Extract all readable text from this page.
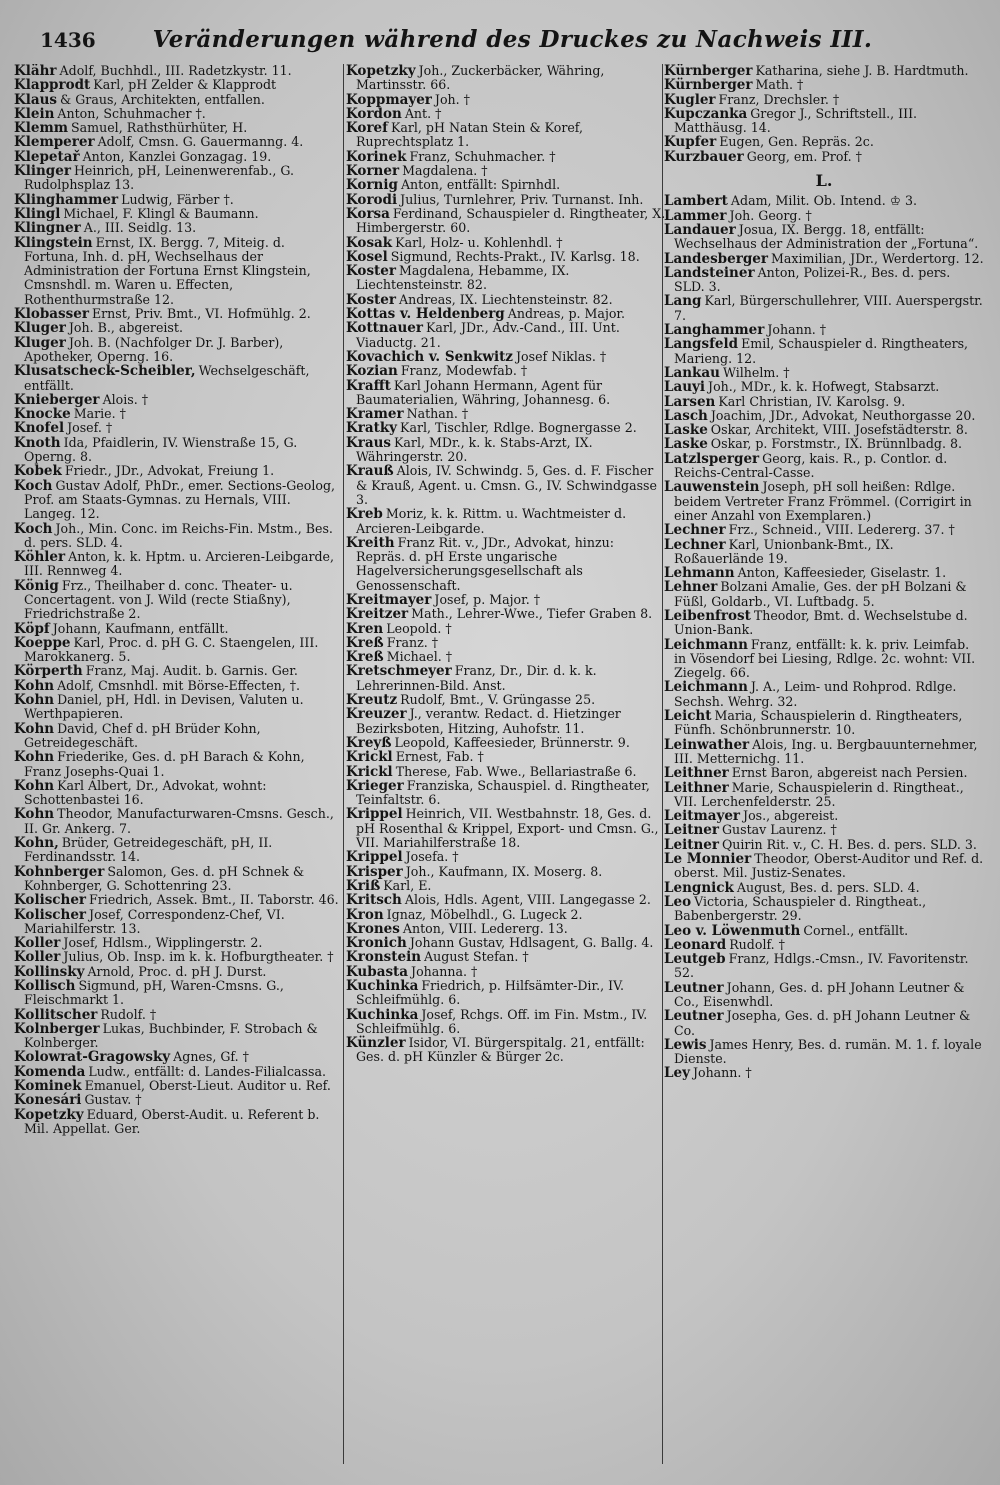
1436	Veränderungen während des Druckes zu Nachweis III.

Klähr Adolf, Buchhdl., III. Radetzkystr. 11.

Klapprodt Karl, pH Zelder & Klapprodt

Klaus & Graus, Architekten, entfallen.

Klein Anton, Schuhmacher †.

Klemm Samuel, Rathsthürhüter, H.

Klemperer Adolf, Cmsn. G. Gauermanng. 4.

Klepetař Anton, Kanzlei Gonzagag. 19.

Klinger Heinrich, pH, Leinenwerenfab., G. Rudolphsplaz 13.

Klinghammer Ludwig, Färber †.

Klingl Michael, F. Klingl & Baumann.

Klingner A., III. Seidlg. 13.

Klingstein Ernst, IX. Bergg. 7, Miteig. d. Fortuna, Inh. d. pH, Wechselhaus der Administration der Fortuna Ernst Klingstein, Cmsnshdl. m. Waren u. Effecten, Rothenthurmstraße 12.

Klobasser Ernst, Priv. Bmt., VI. Hofmühlg. 2.

Kluger Joh. B., abgereist.

Kluger Joh. B. (Nachfolger Dr. J. Barber), Apotheker, Operng. 16.

Klusatscheck-Scheibler, Wechselgeschäft, entfällt.

Knieberger Alois. †

Knocke Marie. †

Knofel Josef. †

Knoth Ida, Pfaidlerin, IV. Wienstraße 15, G. Operng. 8.

Kobek Friedr., JDr., Advokat, Freiung 1.

Koch Gustav Adolf, PhDr., emer. Sections-Geolog, Prof. am Staats-Gymnas. zu Hernals, VIII. Langeg. 12.

Koch Joh., Min. Conc. im Reichs-Fin. Mstm., Bes. d. pers. SLD. 4.

Köhler Anton, k. k. Hptm. u. Arcieren-Leibgarde, III. Rennweg 4.

König Frz., Theilhaber d. conc. Theater- u. Concertagent. von J. Wild (recte Stiaßny), Friedrichstraße 2.

Köpf Johann, Kaufmann, entfällt.

Koeppe Karl, Proc. d. pH G. C. Staengelen, III. Marokkanerg. 5.

Körperth Franz, Maj. Audit. b. Garnis. Ger.

Kohn Adolf, Cmsnhdl. mit Börse-Effecten, †.

Kohn Daniel, pH, Hdl. in Devisen, Valuten u. Werthpapieren.

Kohn David, Chef d. pH Brüder Kohn, Getreidegeschäft.

Kohn Friederike, Ges. d. pH Barach & Kohn, Franz Josephs-Quai 1.

Kohn Karl Albert, Dr., Advokat, wohnt: Schottenbastei 16.

Kohn Theodor, Manufacturwaren-Cmsns. Gesch., II. Gr. Ankerg. 7.

Kohn, Brüder, Getreidegeschäft, pH, II. Ferdinandsstr. 14.

Kohnberger Salomon, Ges. d. pH Schnek & Kohnberger, G. Schottenring 23.

Kolischer Friedrich, Assek. Bmt., II. Taborstr. 46.

Kolischer Josef, Correspondenz-Chef, VI. Mariahilferstr. 13.

Koller Josef, Hdlsm., Wipplingerstr. 2.

Koller Julius, Ob. Insp. im k. k. Hofburgtheater. †

Kollinsky Arnold, Proc. d. pH J. Durst.

Kollisch Sigmund, pH, Waren-Cmsns. G., Fleischmarkt 1.

Kollitscher Rudolf. †

Kolnberger Lukas, Buchbinder, F. Strobach & Kolnberger.

Kolowrat-Gragowsky Agnes, Gf. †

Komenda Ludw., entfällt: d. Landes-Filialcassa.

Kominek Emanuel, Oberst-Lieut. Auditor u. Ref.

Konesári Gustav. †

Kopetzky Eduard, Oberst-Audit. u. Referent b. Mil. Appellat. Ger.

Kopetzky Joh., Zuckerbäcker, Währing, Martinsstr. 66.

Koppmayer Joh. †

Kordon Ant. †

Koref Karl, pH Natan Stein & Koref, Ruprechtsplatz 1.

Korinek Franz, Schuhmacher. †

Korner Magdalena. †

Kornig Anton, entfällt: Spirnhdl.

Korodi Julius, Turnlehrer, Priv. Turnanst. Inh.

Korsa Ferdinand, Schauspieler d. Ringtheater, X. Himbergerstr. 60.

Kosak Karl, Holz- u. Kohlenhdl. †

Kosel Sigmund, Rechts-Prakt., IV. Karlsg. 18.

Koster Magdalena, Hebamme, IX. Liechtensteinstr. 82.

Koster Andreas, IX. Liechtensteinstr. 82.

Kottas v. Heldenberg Andreas, p. Major.

Kottnauer Karl, JDr., Adv.-Cand., III. Unt. Viaductg. 21.

Kovachich v. Senkwitz Josef Niklas. †

Kozian Franz, Modewfab. †

Krafft Karl Johann Hermann, Agent für Baumaterialien, Währing, Johannesg. 6.

Kramer Nathan. †

Kratky Karl, Tischler, Rdlge. Bognergasse 2.

Kraus Karl, MDr., k. k. Stabs-Arzt, IX. Währingerstr. 20.

Krauß Alois, IV. Schwindg. 5, Ges. d. F. Fischer & Krauß, Agent. u. Cmsn. G., IV. Schwindgasse 3.

Kreb Moriz, k. k. Rittm. u. Wachtmeister d. Arcieren-Leibgarde.

Kreith Franz Rit. v., JDr., Advokat, hinzu: Repräs. d. pH Erste ungarische Hagelversicherungsgesellschaft als Genossenschaft.

Kreitmayer Josef, p. Major. †

Kreitzer Math., Lehrer-Wwe., Tiefer Graben 8.

Kren Leopold. †

Kreß Franz. †

Kreß Michael. †

Kretschmeyer Franz, Dr., Dir. d. k. k. Lehrerinnen-Bild. Anst.

Kreutz Rudolf, Bmt., V. Grüngasse 25.

Kreuzer J., verantw. Redact. d. Hietzinger Bezirksboten, Hitzing, Auhofstr. 11.

Kreyß Leopold, Kaffeesieder, Brünnerstr. 9.

Krickl Ernest, Fab. †

Krickl Therese, Fab. Wwe., Bellariastraße 6.

Krieger Franziska, Schauspiel. d. Ringtheater, Teinfaltstr. 6.

Krippel Heinrich, VII. Westbahnstr. 18, Ges. d. pH Rosenthal & Krippel, Export- und Cmsn. G., VII. Mariahilferstraße 18.

Krippel Josefa. †

Krisper Joh., Kaufmann, IX. Moserg. 8.

Kriß Karl, E.

Kritsch Alois, Hdls. Agent, VIII. Langegasse 2.

Kron Ignaz, Möbelhdl., G. Lugeck 2.

Krones Anton, VIII. Ledererg. 13.

Kronich Johann Gustav, Hdlsagent, G. Ballg. 4.

Kronstein August Stefan. †

Kubasta Johanna. †

Kuchinka Friedrich, p. Hilfsämter-Dir., IV. Schleifmühlg. 6.

Kuchinka Josef, Rchgs. Off. im Fin. Mstm., IV. Schleifmühlg. 6.

Künzler Isidor, VI. Bürgerspitalg. 21, entfällt: Ges. d. pH Künzler & Bürger 2c.

Kürnberger Katharina, siehe J. B. Hardtmuth.

Kürnberger Math. †

Kugler Franz, Drechsler. †

Kupczanka Gregor J., Schriftstell., III. Matthäusg. 14.

Kupfer Eugen, Gen. Repräs. 2c.

Kurzbauer Georg, em. Prof. †

L.

Lambert Adam, Milit. Ob. Intend. ♔ 3.

Lammer Joh. Georg. †

Landauer Josua, IX. Bergg. 18, entfällt: Wechselhaus der Administration der „Fortuna“.

Landesberger Maximilian, JDr., Werdertorg. 12.

Landsteiner Anton, Polizei-R., Bes. d. pers. SLD. 3.

Lang Karl, Bürgerschullehrer, VIII. Auerspergstr. 7.

Langhammer Johann. †

Langsfeld Emil, Schauspieler d. Ringtheaters, Marieng. 12.

Lankau Wilhelm. †

Lauyi Joh., MDr., k. k. Hofwegt, Stabsarzt.

Larsen Karl Christian, IV. Karolsg. 9.

Lasch Joachim, JDr., Advokat, Neuthorgasse 20.

Laske Oskar, Architekt, VIII. Josefstädterstr. 8.

Laske Oskar, p. Forstmstr., IX. Brünnlbadg. 8.

Latzlsperger Georg, kais. R., p. Contlor. d. Reichs-Central-Casse.

Lauwenstein Joseph, pH soll heißen: Rdlge. beidem Vertreter Franz Frömmel. (Corrigirt in einer Anzahl von Exemplaren.)

Lechner Frz., Schneid., VIII. Ledererg. 37. †

Lechner Karl, Unionbank-Bmt., IX. Roßauerlände 19.

Lehmann Anton, Kaffeesieder, Giselastr. 1.

Lehner Bolzani Amalie, Ges. der pH Bolzani & Füßl, Goldarb., VI. Luftbadg. 5.

Leibenfrost Theodor, Bmt. d. Wechselstube d. Union-Bank.

Leichmann Franz, entfällt: k. k. priv. Leimfab. in Vösendorf bei Liesing, Rdlge. 2c. wohnt: VII. Ziegelg. 66.

Leichmann J. A., Leim- und Rohprod. Rdlge. Sechsh. Wehrg. 32.

Leicht Maria, Schauspielerin d. Ringtheaters, Fünfh. Schönbrunnerstr. 10.

Leinwather Alois, Ing. u. Bergbauunternehmer, III. Metternichg. 11.

Leithner Ernst Baron, abgereist nach Persien.

Leithner Marie, Schauspielerin d. Ringtheat., VII. Lerchenfelderstr. 25.

Leitmayer Jos., abgereist.

Leitner Gustav Laurenz. †

Leitner Quirin Rit. v., C. H. Bes. d. pers. SLD. 3.

Le Monnier Theodor, Oberst-Auditor und Ref. d. oberst. Mil. Justiz-Senates.

Lengnick August, Bes. d. pers. SLD. 4.

Leo Victoria, Schauspieler d. Ringtheat., Babenbergerstr. 29.

Leo v. Löwenmuth Cornel., entfällt.

Leonard Rudolf. †

Leutgeb Franz, Hdlgs.-Cmsn., IV. Favoritenstr. 52.

Leutner Johann, Ges. d. pH Johann Leutner & Co., Eisenwhdl.

Leutner Josepha, Ges. d. pH Johann Leutner & Co.

Lewis James Henry, Bes. d. rumän. M. 1. f. loyale Dienste.

Ley Johann. †
